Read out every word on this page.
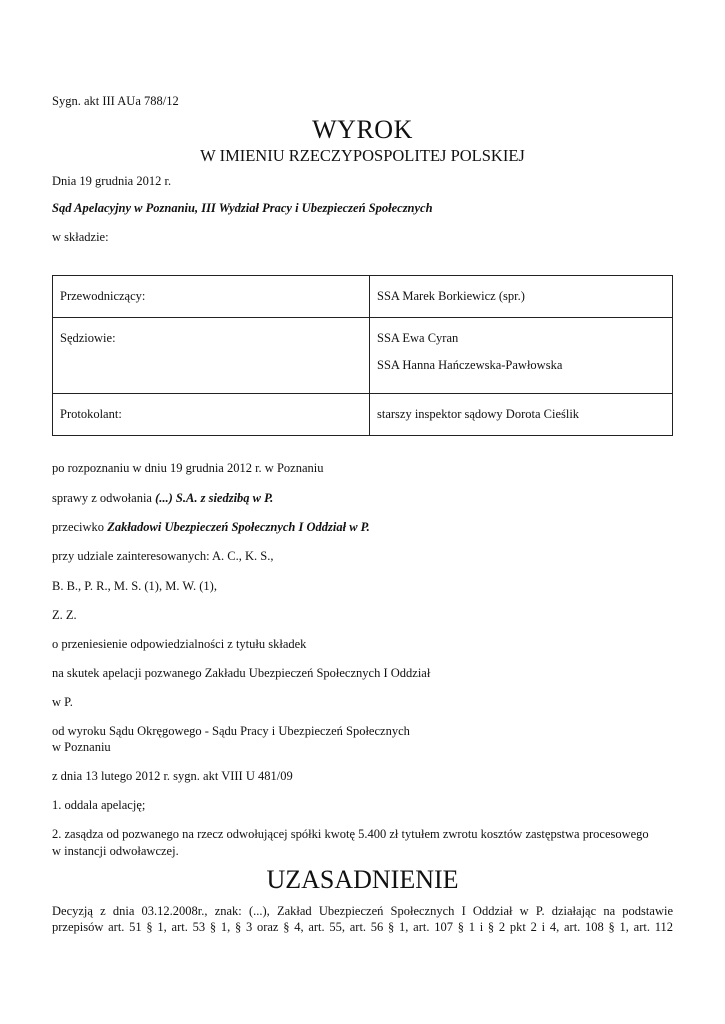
Sygn. akt III AUa 788/12
WYROK
W IMIENIU RZECZYPOSPOLITEJ POLSKIEJ
Dnia 19 grudnia 2012 r.
Sąd Apelacyjny w Poznaniu, III Wydział Pracy i Ubezpieczeń Społecznych
w składzie:
Przewodniczący:	SSA Marek Borkiewicz (spr.)
Sędziowie:	SSA Ewa Cyran
SSA Hanna Hańczewska-Pawłowska

Protokolant:	starszy inspektor sądowy Dorota Cieślik
po rozpoznaniu w dniu 19 grudnia 2012 r. w Poznaniu
sprawy z odwołania (...) S.A. z siedzibą w P.
przeciwko Zakładowi Ubezpieczeń Społecznych I Oddział w P.
przy udziale zainteresowanych: A. C., K. S.,
B. B., P. R., M. S. (1), M. W. (1),
Z. Z.
o przeniesienie odpowiedzialności z tytułu składek
na skutek apelacji pozwanego Zakładu Ubezpieczeń Społecznych I Oddział
w P.
od wyroku Sądu Okręgowego - Sądu Pracy i Ubezpieczeń Społecznych
w Poznaniu
z dnia 13 lutego 2012 r. sygn. akt VIII U 481/09
1. oddala apelację;
2. zasądza od pozwanego na rzecz odwołującej spółki kwotę 5.400 zł tytułem zwrotu kosztów zastępstwa procesowego
w instancji odwoławczej.
UZASADNIENIE
Decyzją z dnia 03.12.2008r., znak: (...), Zakład Ubezpieczeń Społecznych I Oddział w P. działając na podstawie
przepisów art. 51 § 1, art. 53 § 1, § 3 oraz § 4, art. 55, art. 56 § 1, art. 107 § 1 i § 2 pkt 2 i 4, art. 108 § 1, art. 112
